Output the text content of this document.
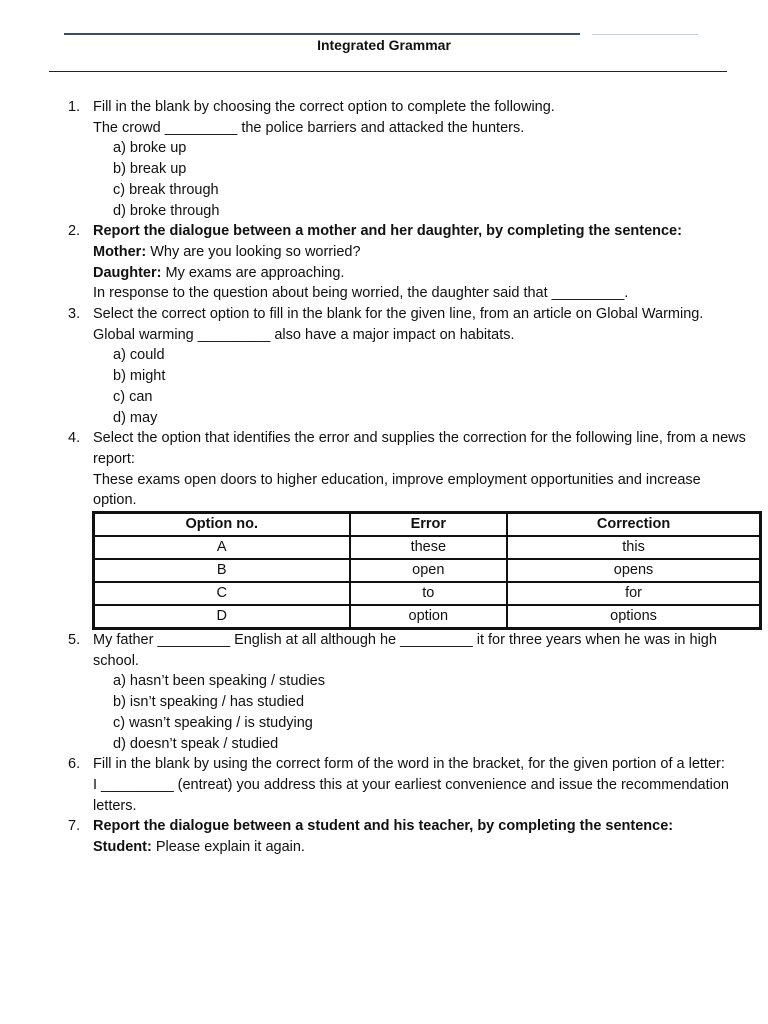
Integrated Grammar
1. Fill in the blank by choosing the correct option to complete the following.
The crowd _________ the police barriers and attacked the hunters.
a) broke up
b) break up
c) break through
d) broke through
2. Report the dialogue between a mother and her daughter, by completing the sentence:
Mother: Why are you looking so worried?
Daughter: My exams are approaching.
In response to the question about being worried, the daughter said that _________.
3. Select the correct option to fill in the blank for the given line, from an article on Global Warming.
Global warming _________ also have a major impact on habitats.
a) could
b) might
c) can
d) may
4. Select the option that identifies the error and supplies the correction for the following line, from a news report:
These exams open doors to higher education, improve employment opportunities and increase option.
Option no.	Error	Correction
A	these	this
B	open	opens
C	to	for
D	option	options
5. My father _________ English at all although he _________ it for three years when he was in high school.
a) hasn’t been speaking / studies
b) isn’t speaking / has studied
c) wasn’t speaking / is studying
d) doesn’t speak / studied
6. Fill in the blank by using the correct form of the word in the bracket, for the given portion of a letter:
I _________ (entreat) you address this at your earliest convenience and issue the recommendation letters.
7. Report the dialogue between a student and his teacher, by completing the sentence:
Student: Please explain it again.
